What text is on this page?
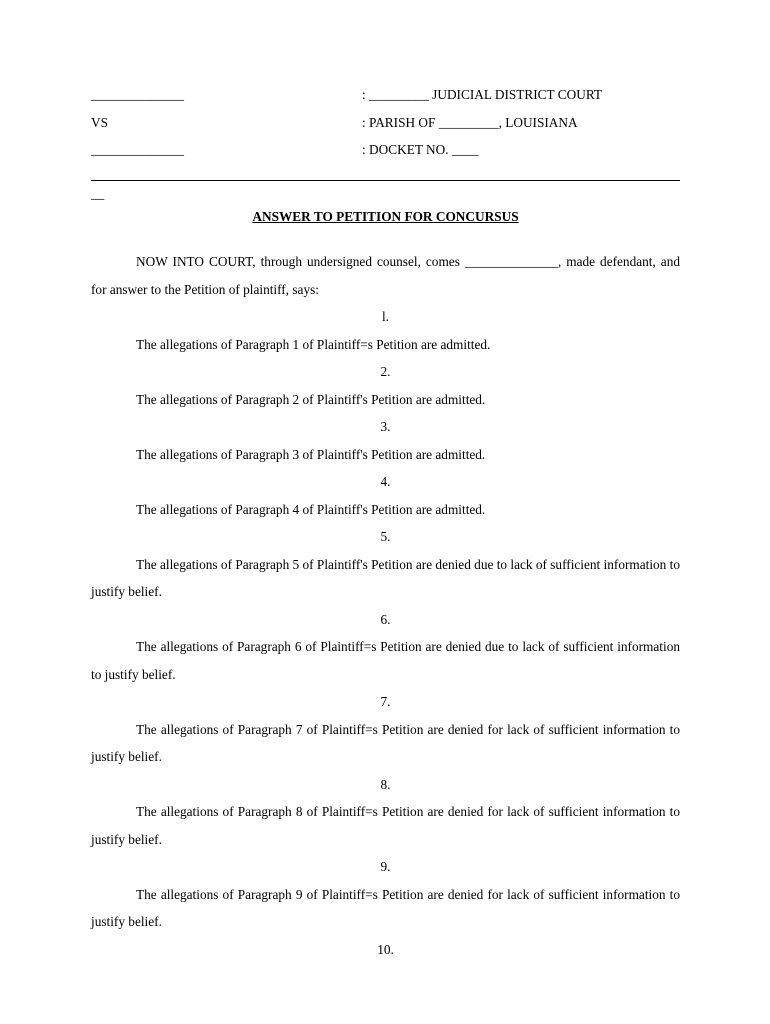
______________	: _________ JUDICIAL DISTRICT COURT
VS	: PARISH OF _________, LOUISIANA
______________	: DOCKET NO. ____
__
ANSWER TO PETITION FOR CONCURSUS

NOW INTO COURT, through undersigned counsel, comes ______________, made defendant, and for answer to the Petition of plaintiff, says:

l.

The allegations of Paragraph 1 of Plaintiff=s Petition are admitted.

2.

The allegations of Paragraph 2 of Plaintiff's Petition are admitted.

3.

The allegations of Paragraph 3 of Plaintiff's Petition are admitted.

4.

The allegations of Paragraph 4 of Plaintiff's Petition are admitted.

5.

The allegations of Paragraph 5 of Plaintiff's Petition are denied due to lack of sufficient information to justify belief.

6.

The allegations of Paragraph 6 of Plaintiff=s Petition are denied due to lack of sufficient information to justify belief.

7.

The allegations of Paragraph 7 of Plaintiff=s Petition are denied for lack of sufficient information to justify belief.

8.

The allegations of Paragraph 8 of Plaintiff=s Petition are denied for lack of sufficient information to justify belief.

9.

The allegations of Paragraph 9 of Plaintiff=s Petition are denied for lack of sufficient information to justify belief.

10.
